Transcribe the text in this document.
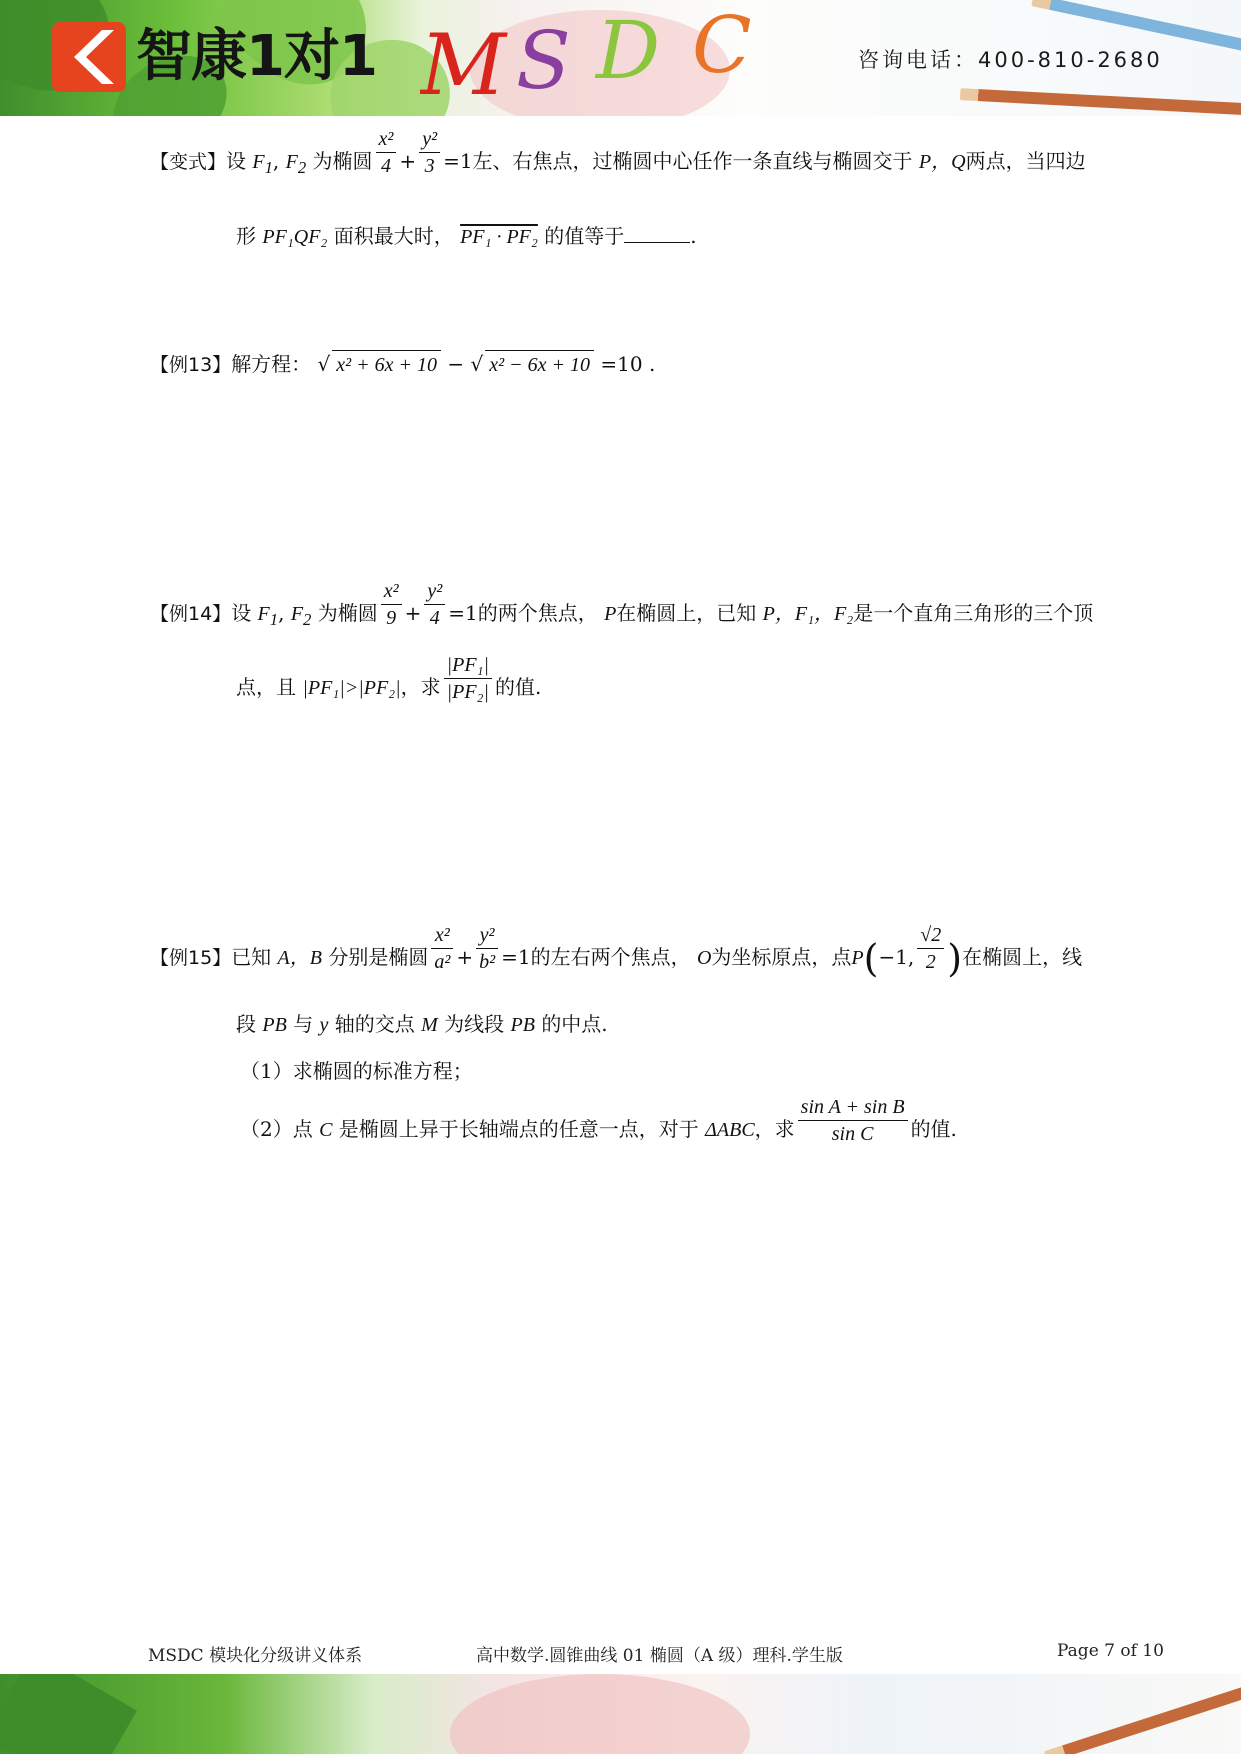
智康1对1 M S D C	咨询电话：400-810-2680
【变式】设 $F_1$, $F_2$ 为椭圆 $\frac{\text{x²}}{4} + \frac{\text{y²}}{3} =1$左、右焦点，过椭圆中心任作一条直线与椭圆交于 P，Q两点，当四边
形 PF₁QF₂ 面积最大时， PF₁ · PF₂ 的值等于	.
【例13】解方程： √ x² + 6x + 10 − √ x² − 6x + 10 =10 .
【例14】设 $F_1$, $F_2$ 为椭圆 $\frac{\text{x²}}{9} + \frac{\text{y²}}{4} =1$的两个焦点， P在椭圆上，已知 P，F₁，F₂是一个直角三角形的三个顶
点，且 |PF₁|>|PF₂|，求 $\frac{\text{|PF₁|}}{\text{|PF₂|}}$ 的值.
【例15】已知 A，B 分别是椭圆 $\frac{\text{x²}}{\text{a²}} + \frac{\text{y²}}{\text{b²}} =1$的左右两个焦点， O为坐标原点，点P(−1, $\frac{√2}{2}$ )在椭圆上，线
段 PB 与 y 轴的交点 M 为线段 PB 的中点.
（1）求椭圆的标准方程；
（2）点 C 是椭圆上异于长轴端点的任意一点，对于 ΔABC，求 $\frac{\text{sin A + sin B}}{\text{sin C}}$ 的值.
MSDC 模块化分级讲义体系	高中数学.圆锥曲线 01 椭圆（A 级）理科.学生版	Page 7 of 10
